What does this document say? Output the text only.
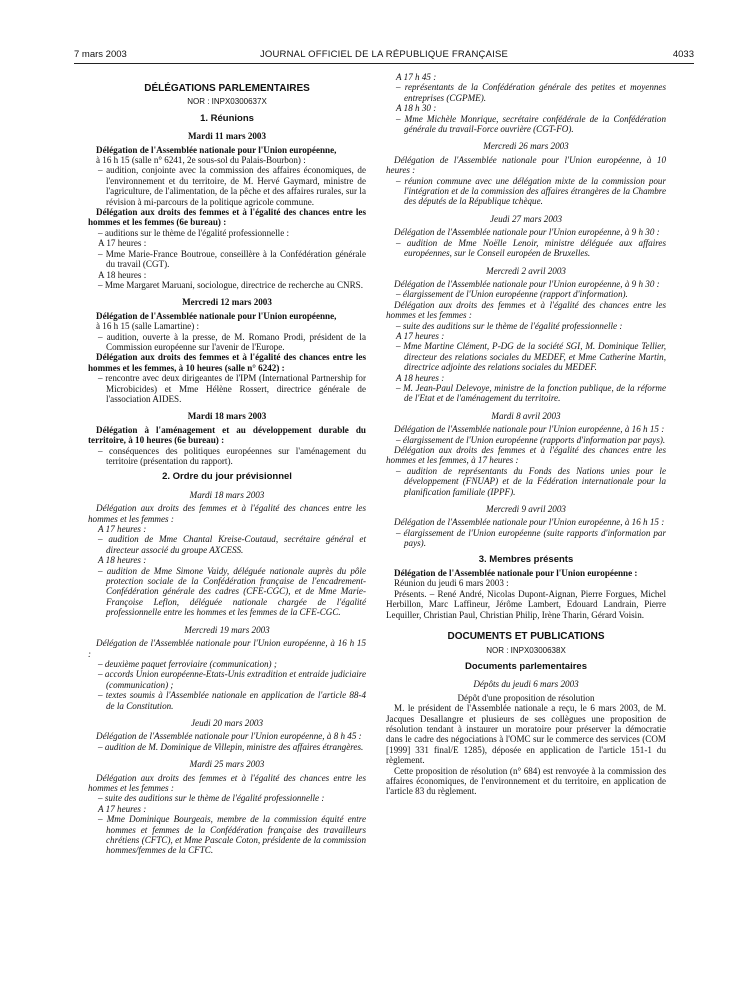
7 mars 2003	JOURNAL OFFICIEL DE LA RÉPUBLIQUE FRANÇAISE	4033
DÉLÉGATIONS PARLEMENTAIRES

NOR : INPX0300637X

1. Réunions
Mardi 11 mars 2003

Délégation de l'Assemblée nationale pour l'Union européenne,

à 16 h 15 (salle n° 6241, 2e sous-sol du Palais-Bourbon) :

– audition, conjointe avec la commission des affaires économiques, de l'environnement et du territoire, de M. Hervé Gaymard, ministre de l'agriculture, de l'alimentation, de la pêche et des affaires rurales, sur la révision à mi-parcours de la politique agricole commune.

Délégation aux droits des femmes et à l'égalité des chances entre les hommes et les femmes (6e bureau) :

– auditions sur le thème de l'égalité professionnelle :

A 17 heures :

– Mme Marie-France Boutroue, conseillère à la Confédération générale du travail (CGT).

A 18 heures :

– Mme Margaret Maruani, sociologue, directrice de recherche au CNRS.

Mercredi 12 mars 2003

Délégation de l'Assemblée nationale pour l'Union européenne,

à 16 h 15 (salle Lamartine) :

– audition, ouverte à la presse, de M. Romano Prodi, président de la Commission européenne sur l'avenir de l'Europe.

Délégation aux droits des femmes et à l'égalité des chances entre les hommes et les femmes, à 10 heures (salle n° 6242) :

– rencontre avec deux dirigeantes de l'IPM (International Partnership for Microbicides) et Mme Hélène Rossert, directrice générale de l'association AIDES.

Mardi 18 mars 2003

Délégation à l'aménagement et au développement durable du territoire, à 10 heures (6e bureau) :

– conséquences des politiques européennes sur l'aménagement du territoire (présentation du rapport).

2. Ordre du jour prévisionnel
Mardi 18 mars 2003

Délégation aux droits des femmes et à l'égalité des chances entre les hommes et les femmes :

A 17 heures :

– audition de Mme Chantal Kreise-Coutaud, secrétaire général et directeur associé du groupe AXCESS.

A 18 heures :

– audition de Mme Simone Vaidy, déléguée nationale auprès du pôle protection sociale de la Confédération française de l'encadrement-Confédération générale des cadres (CFE-CGC), et de Mme Marie-Françoise Leflon, déléguée nationale chargée de l'égalité professionnelle entre les hommes et les femmes de la CFE-CGC.

Mercredi 19 mars 2003

Délégation de l'Assemblée nationale pour l'Union européenne, à 16 h 15 :

– deuxième paquet ferroviaire (communication) ;

– accords Union européenne-Etats-Unis extradition et entraide judiciaire (communication) ;

– textes soumis à l'Assemblée nationale en application de l'article 88-4 de la Constitution.

Jeudi 20 mars 2003

Délégation de l'Assemblée nationale pour l'Union européenne, à 8 h 45 :

– audition de M. Dominique de Villepin, ministre des affaires étrangères.

Mardi 25 mars 2003

Délégation aux droits des femmes et à l'égalité des chances entre les hommes et les femmes :

– suite des auditions sur le thème de l'égalité professionnelle :

A 17 heures :

– Mme Dominique Bourgeais, membre de la commission équité entre hommes et femmes de la Confédération française des travailleurs chrétiens (CFTC), et Mme Pascale Coton, présidente de la commission hommes/femmes de la CFTC.

A 17 h 45 :

– représentants de la Confédération générale des petites et moyennes entreprises (CGPME).

A 18 h 30 :

– Mme Michèle Monrique, secrétaire confédérale de la Confédération générale du travail-Force ouvrière (CGT-FO).

Mercredi 26 mars 2003

Délégation de l'Assemblée nationale pour l'Union européenne, à 10 heures :

– réunion commune avec une délégation mixte de la commission pour l'intégration et de la commission des affaires étrangères de la Chambre des députés de la République tchèque.

Jeudi 27 mars 2003

Délégation de l'Assemblée nationale pour l'Union européenne, à 9 h 30 :

– audition de Mme Noëlle Lenoir, ministre déléguée aux affaires européennes, sur le Conseil européen de Bruxelles.

Mercredi 2 avril 2003

Délégation de l'Assemblée nationale pour l'Union européenne, à 9 h 30 :

– élargissement de l'Union européenne (rapport d'information).

Délégation aux droits des femmes et à l'égalité des chances entre les hommes et les femmes :

– suite des auditions sur le thème de l'égalité professionnelle :

A 17 heures :

– Mme Martine Clément, P-DG de la société SGI, M. Dominique Tellier, directeur des relations sociales du MEDEF, et Mme Catherine Martin, directrice adjointe des relations sociales du MEDEF.

A 18 heures :

– M. Jean-Paul Delevoye, ministre de la fonction publique, de la réforme de l'Etat et de l'aménagement du territoire.

Mardi 8 avril 2003

Délégation de l'Assemblée nationale pour l'Union européenne, à 16 h 15 :

– élargissement de l'Union européenne (rapports d'information par pays).

Délégation aux droits des femmes et à l'égalité des chances entre les hommes et les femmes, à 17 heures :

– audition de représentants du Fonds des Nations unies pour le développement (FNUAP) et de la Fédération internationale pour la planification familiale (IPPF).

Mercredi 9 avril 2003

Délégation de l'Assemblée nationale pour l'Union européenne, à 16 h 15 :

– élargissement de l'Union européenne (suite rapports d'information par pays).

3. Membres présents

Délégation de l'Assemblée nationale pour l'Union européenne :

Réunion du jeudi 6 mars 2003 :

Présents. – René André, Nicolas Dupont-Aignan, Pierre Forgues, Michel Herbillon, Marc Laffineur, Jérôme Lambert, Edouard Landrain, Pierre Lequiller, Christian Paul, Christian Philip, Irène Tharin, Gérard Voisin.

DOCUMENTS ET PUBLICATIONS

NOR : INPX0300638X

Documents parlementaires
Dépôts du jeudi 6 mars 2003

Dépôt d'une proposition de résolution

M. le président de l'Assemblée nationale a reçu, le 6 mars 2003, de M. Jacques Desallangre et plusieurs de ses collègues une proposition de résolution tendant à instaurer un moratoire pour préserver la démocratie dans le cadre des négociations à l'OMC sur le commerce des services (COM [1999] 331 final/E 1285), déposée en application de l'article 151-1 du règlement.

Cette proposition de résolution (n° 684) est renvoyée à la commission des affaires économiques, de l'environnement et du territoire, en application de l'article 83 du règlement.
